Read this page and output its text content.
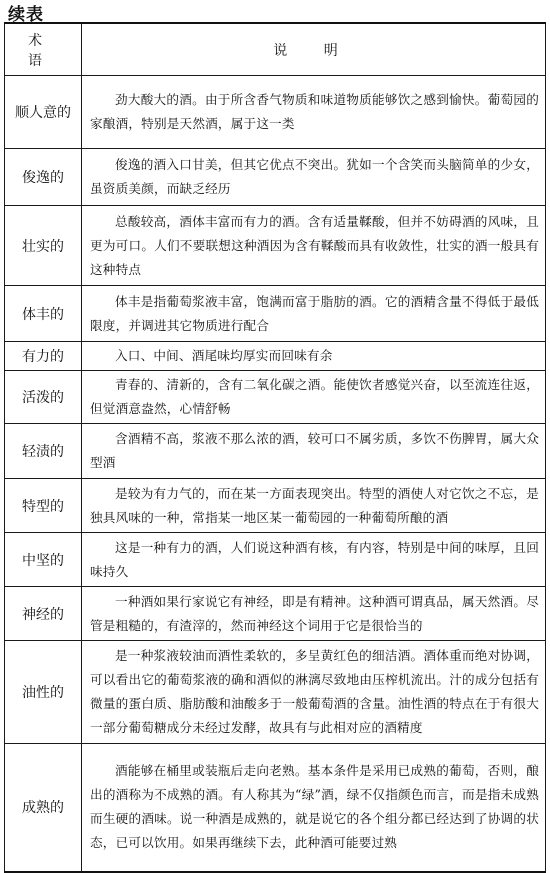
续表
术 语	说 明
顺人意的	劲大酸大的酒。由于所含香气物质和味道物质能够饮之感到愉快。葡萄园的家酿酒，特别是天然酒，属于这一类
俊逸的	俊逸的酒入口甘美，但其它优点不突出。犹如一个含笑而头脑简单的少女，虽资质美颜，而缺乏经历
壮实的	总酸较高，酒体丰富而有力的酒。含有适量鞣酸，但并不妨碍酒的风味，且更为可口。人们不要联想这种酒因为含有鞣酸而具有收敛性，壮实的酒一般具有这种特点
体丰的	体丰是指葡萄浆液丰富，饱满而富于脂肪的酒。它的酒精含量不得低于最低限度，并调进其它物质进行配合
有力的	入口、中间、酒尾味均厚实而回味有余
活泼的	青春的、清新的，含有二氧化碳之酒。能使饮者感觉兴奋，以至流连往返，但觉酒意盎然，心情舒畅
轻渍的	含酒精不高，浆液不那么浓的酒，较可口不属劣质，多饮不伤脾胃，属大众型酒
特型的	是较为有力气的，而在某一方面表现突出。特型的酒使人对它饮之不忘，是独具风味的一种，常指某一地区某一葡萄园的一种葡萄所酿的酒
中坚的	这是一种有力的酒，人们说这种酒有核，有内容，特别是中间的味厚，且回味持久
神经的	一种酒如果行家说它有神经，即是有精神。这种酒可谓真品，属天然酒。尽管是粗糙的，有渣滓的，然而神经这个词用于它是很恰当的
油性的	是一种浆液较油而酒性柔软的，多呈黄红色的细洁酒。酒体重而绝对协调，可以看出它的葡萄浆液的确和酒似的淋漓尽致地由压榨机流出。汁的成分包括有微量的蛋白质、脂肪酸和油酸多于一般葡萄酒的含量。油性酒的特点在于有很大一部分葡萄糖成分未经过发酵，故具有与此相对应的酒精度
成熟的	酒能够在桶里或装瓶后走向老熟。基本条件是采用已成熟的葡萄，否则，酿出的酒称为不成熟的酒。有人称其为“绿”酒，绿不仅指颜色而言，而是指未成熟而生硬的酒味。说一种酒是成熟的，就是说它的各个组分都已经达到了协调的状态，已可以饮用。如果再继续下去，此种酒可能要过熟
